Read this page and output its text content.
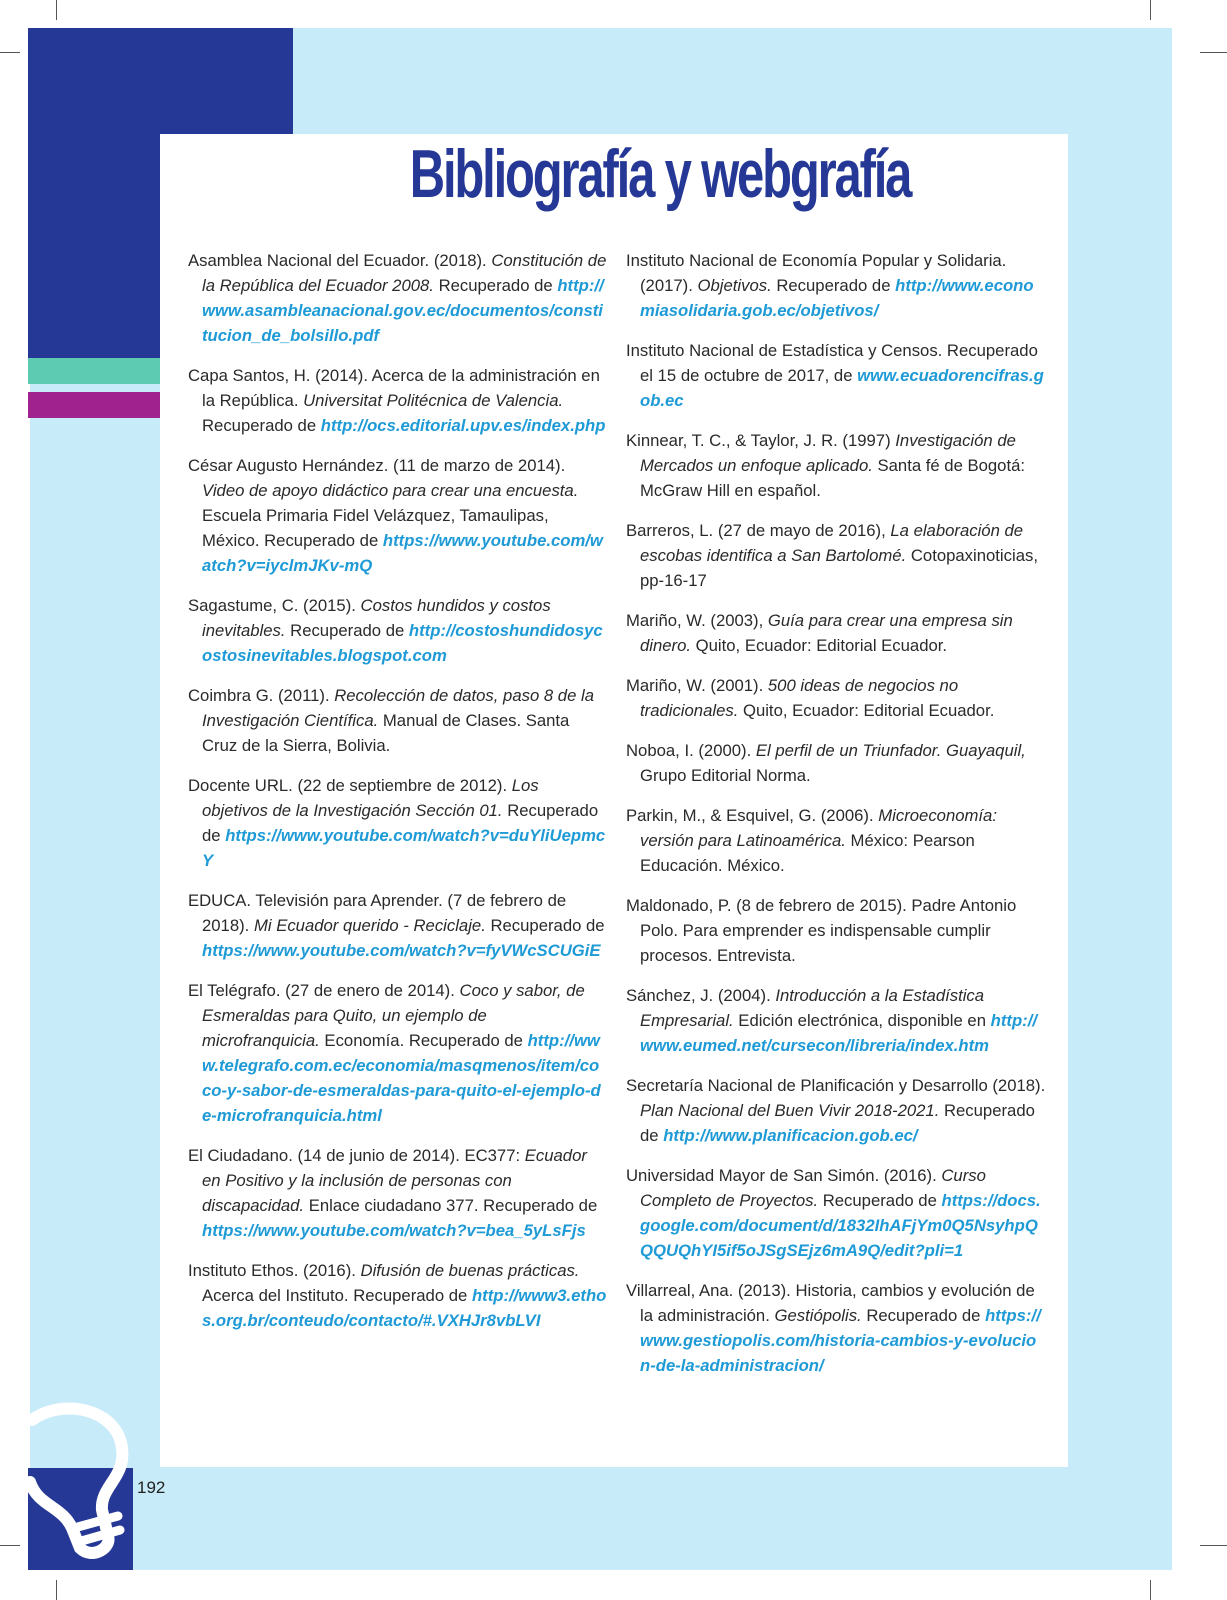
192
Bibliografía y webgrafía

Asamblea Nacional del Ecuador. (2018). Constitución de la República del Ecuador 2008. Recuperado de http://www.asambleanacional.gov.ec/documentos/constitucion_de_bolsillo.pdf

Capa Santos, H. (2014). Acerca de la administración en la República. Universitat Politécnica de Valencia. Recuperado de http://ocs.editorial.upv.es/index.php

César Augusto Hernández. (11 de marzo de 2014). Video de apoyo didáctico para crear una encuesta. Escuela Primaria Fidel Velázquez, Tamaulipas, México. Recuperado de https://www.youtube.com/watch?v=iyclmJKv-mQ

Sagastume, C. (2015). Costos hundidos y costos inevitables. Recuperado de http://costoshundidosycostosinevitables.blogspot.com

Coimbra G. (2011). Recolección de datos, paso 8 de la Investigación Científica. Manual de Clases. Santa Cruz de la Sierra, Bolivia.

Docente URL. (22 de septiembre de 2012). Los objetivos de la Investigación Sección 01. Recuperado de https://www.youtube.com/watch?v=duYliUepmcY

EDUCA. Televisión para Aprender. (7 de febrero de 2018). Mi Ecuador querido - Reciclaje. Recuperado de https://www.youtube.com/watch?v=fyVWcSCUGiE

El Telégrafo. (27 de enero de 2014). Coco y sabor, de Esmeraldas para Quito, un ejemplo de microfranquicia. Economía. Recuperado de http://www.telegrafo.com.ec/economia/masqmenos/item/coco-y-sabor-de-esmeraldas-para-quito-el-ejemplo-de-microfranquicia.html

El Ciudadano. (14 de junio de 2014). EC377: Ecuador en Positivo y la inclusión de personas con discapacidad. Enlace ciudadano 377. Recuperado de https://www.youtube.com/watch?v=bea_5yLsFjs

Instituto Ethos. (2016). Difusión de buenas prácticas. Acerca del Instituto. Recuperado de http://www3.ethos.org.br/conteudo/contacto/#.VXHJr8vbLVI

Instituto Nacional de Economía Popular y Solidaria. (2017). Objetivos. Recuperado de http://www.economiasolidaria.gob.ec/objetivos/

Instituto Nacional de Estadística y Censos. Recuperado el 15 de octubre de 2017, de www.ecuadorencifras.gob.ec

Kinnear, T. C., & Taylor, J. R. (1997) Investigación de Mercados un enfoque aplicado. Santa fé de Bogotá: McGraw Hill en español.

Barreros, L. (27 de mayo de 2016), La elaboración de escobas identifica a San Bartolomé. Cotopaxinoticias, pp-16-17

Mariño, W. (2003), Guía para crear una empresa sin dinero. Quito, Ecuador: Editorial Ecuador.

Mariño, W. (2001). 500 ideas de negocios no tradicionales. Quito, Ecuador: Editorial Ecuador.

Noboa, I. (2000). El perfil de un Triunfador. Guayaquil, Grupo Editorial Norma.

Parkin, M., & Esquivel, G. (2006). Microeconomía: versión para Latinoamérica. México: Pearson Educación. México.

Maldonado, P. (8 de febrero de 2015). Padre Antonio Polo. Para emprender es indispensable cumplir procesos. Entrevista.

Sánchez, J. (2004). Introducción a la Estadística Empresarial. Edición electrónica, disponible en http://www.eumed.net/cursecon/libreria/index.htm

Secretaría Nacional de Planificación y Desarrollo (2018). Plan Nacional del Buen Vivir 2018-2021. Recuperado de http://www.planificacion.gob.ec/

Universidad Mayor de San Simón. (2016). Curso Completo de Proyectos. Recuperado de https://docs.google.com/document/d/1832IhAFjYm0Q5NsyhpQQQUQhYI5if5oJSgSEjz6mA9Q/edit?pli=1

Villarreal, Ana. (2013). Historia, cambios y evolución de la administración. Gestiópolis. Recuperado de https://www.gestiopolis.com/historia-cambios-y-evolucion-de-la-administracion/
